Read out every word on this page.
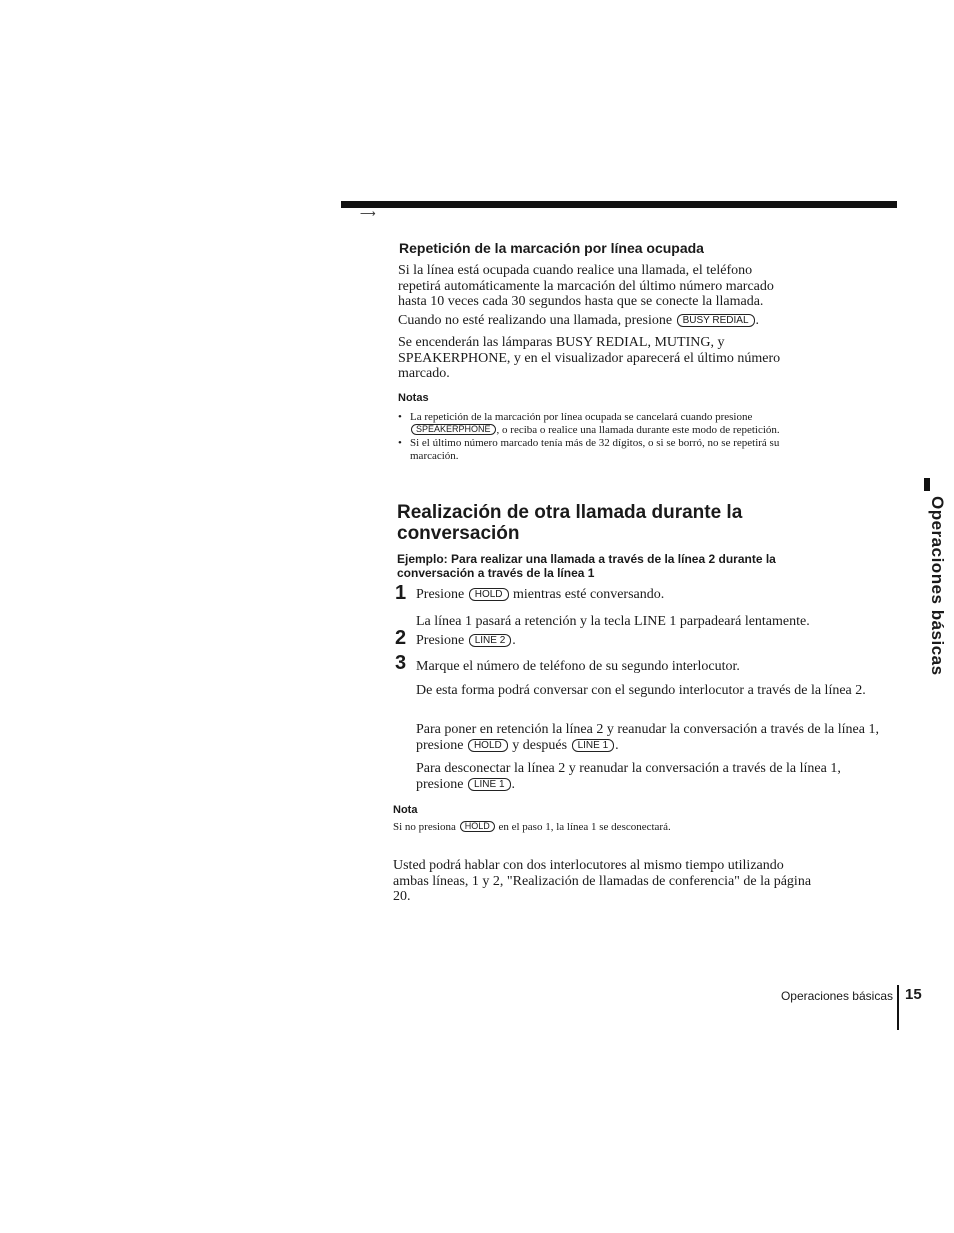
⟶
Repetición de la marcación por línea ocupada
Si la línea está ocupada cuando realice una llamada, el teléfono repetirá automáticamente la marcación del último número marcado hasta 10 veces cada 30 segundos hasta que se conecte la llamada.
Cuando no esté realizando una llamada, presione BUSY REDIAL .
Se encenderán las lámparas BUSY REDIAL, MUTING, y SPEAKERPHONE, y en el visualizador aparecerá el último número marcado.
Notas
• La repetición de la marcación por línea ocupada se cancelará cuando presione SPEAKERPHONE , o reciba o realice una llamada durante este modo de repetición.
• Si el último número marcado tenía más de 32 dígitos, o si se borró, no se repetirá su marcación.
Realización de otra llamada durante la conversación
Ejemplo: Para realizar una llamada a través de la línea 2 durante la conversación a través de la línea 1
1 Presione HOLD mientras esté conversando.
La línea 1 pasará a retención y la tecla LINE 1 parpadeará lentamente.
2 Presione LINE 2 .
3 Marque el número de teléfono de su segundo interlocutor.
De esta forma podrá conversar con el segundo interlocutor a través de la línea 2.
Para poner en retención la línea 2 y reanudar la conversación a través de la línea 1, presione HOLD y después LINE 1 .
Para desconectar la línea 2 y reanudar la conversación a través de la línea 1, presione LINE 1 .
Nota
Si no presiona HOLD en el paso 1, la línea 1 se desconectará.
Usted podrá hablar con dos interlocutores al mismo tiempo utilizando ambas líneas, 1 y 2, "Realización de llamadas de conferencia" de la página 20.
Operaciones básicas
Operaciones básicas 15
